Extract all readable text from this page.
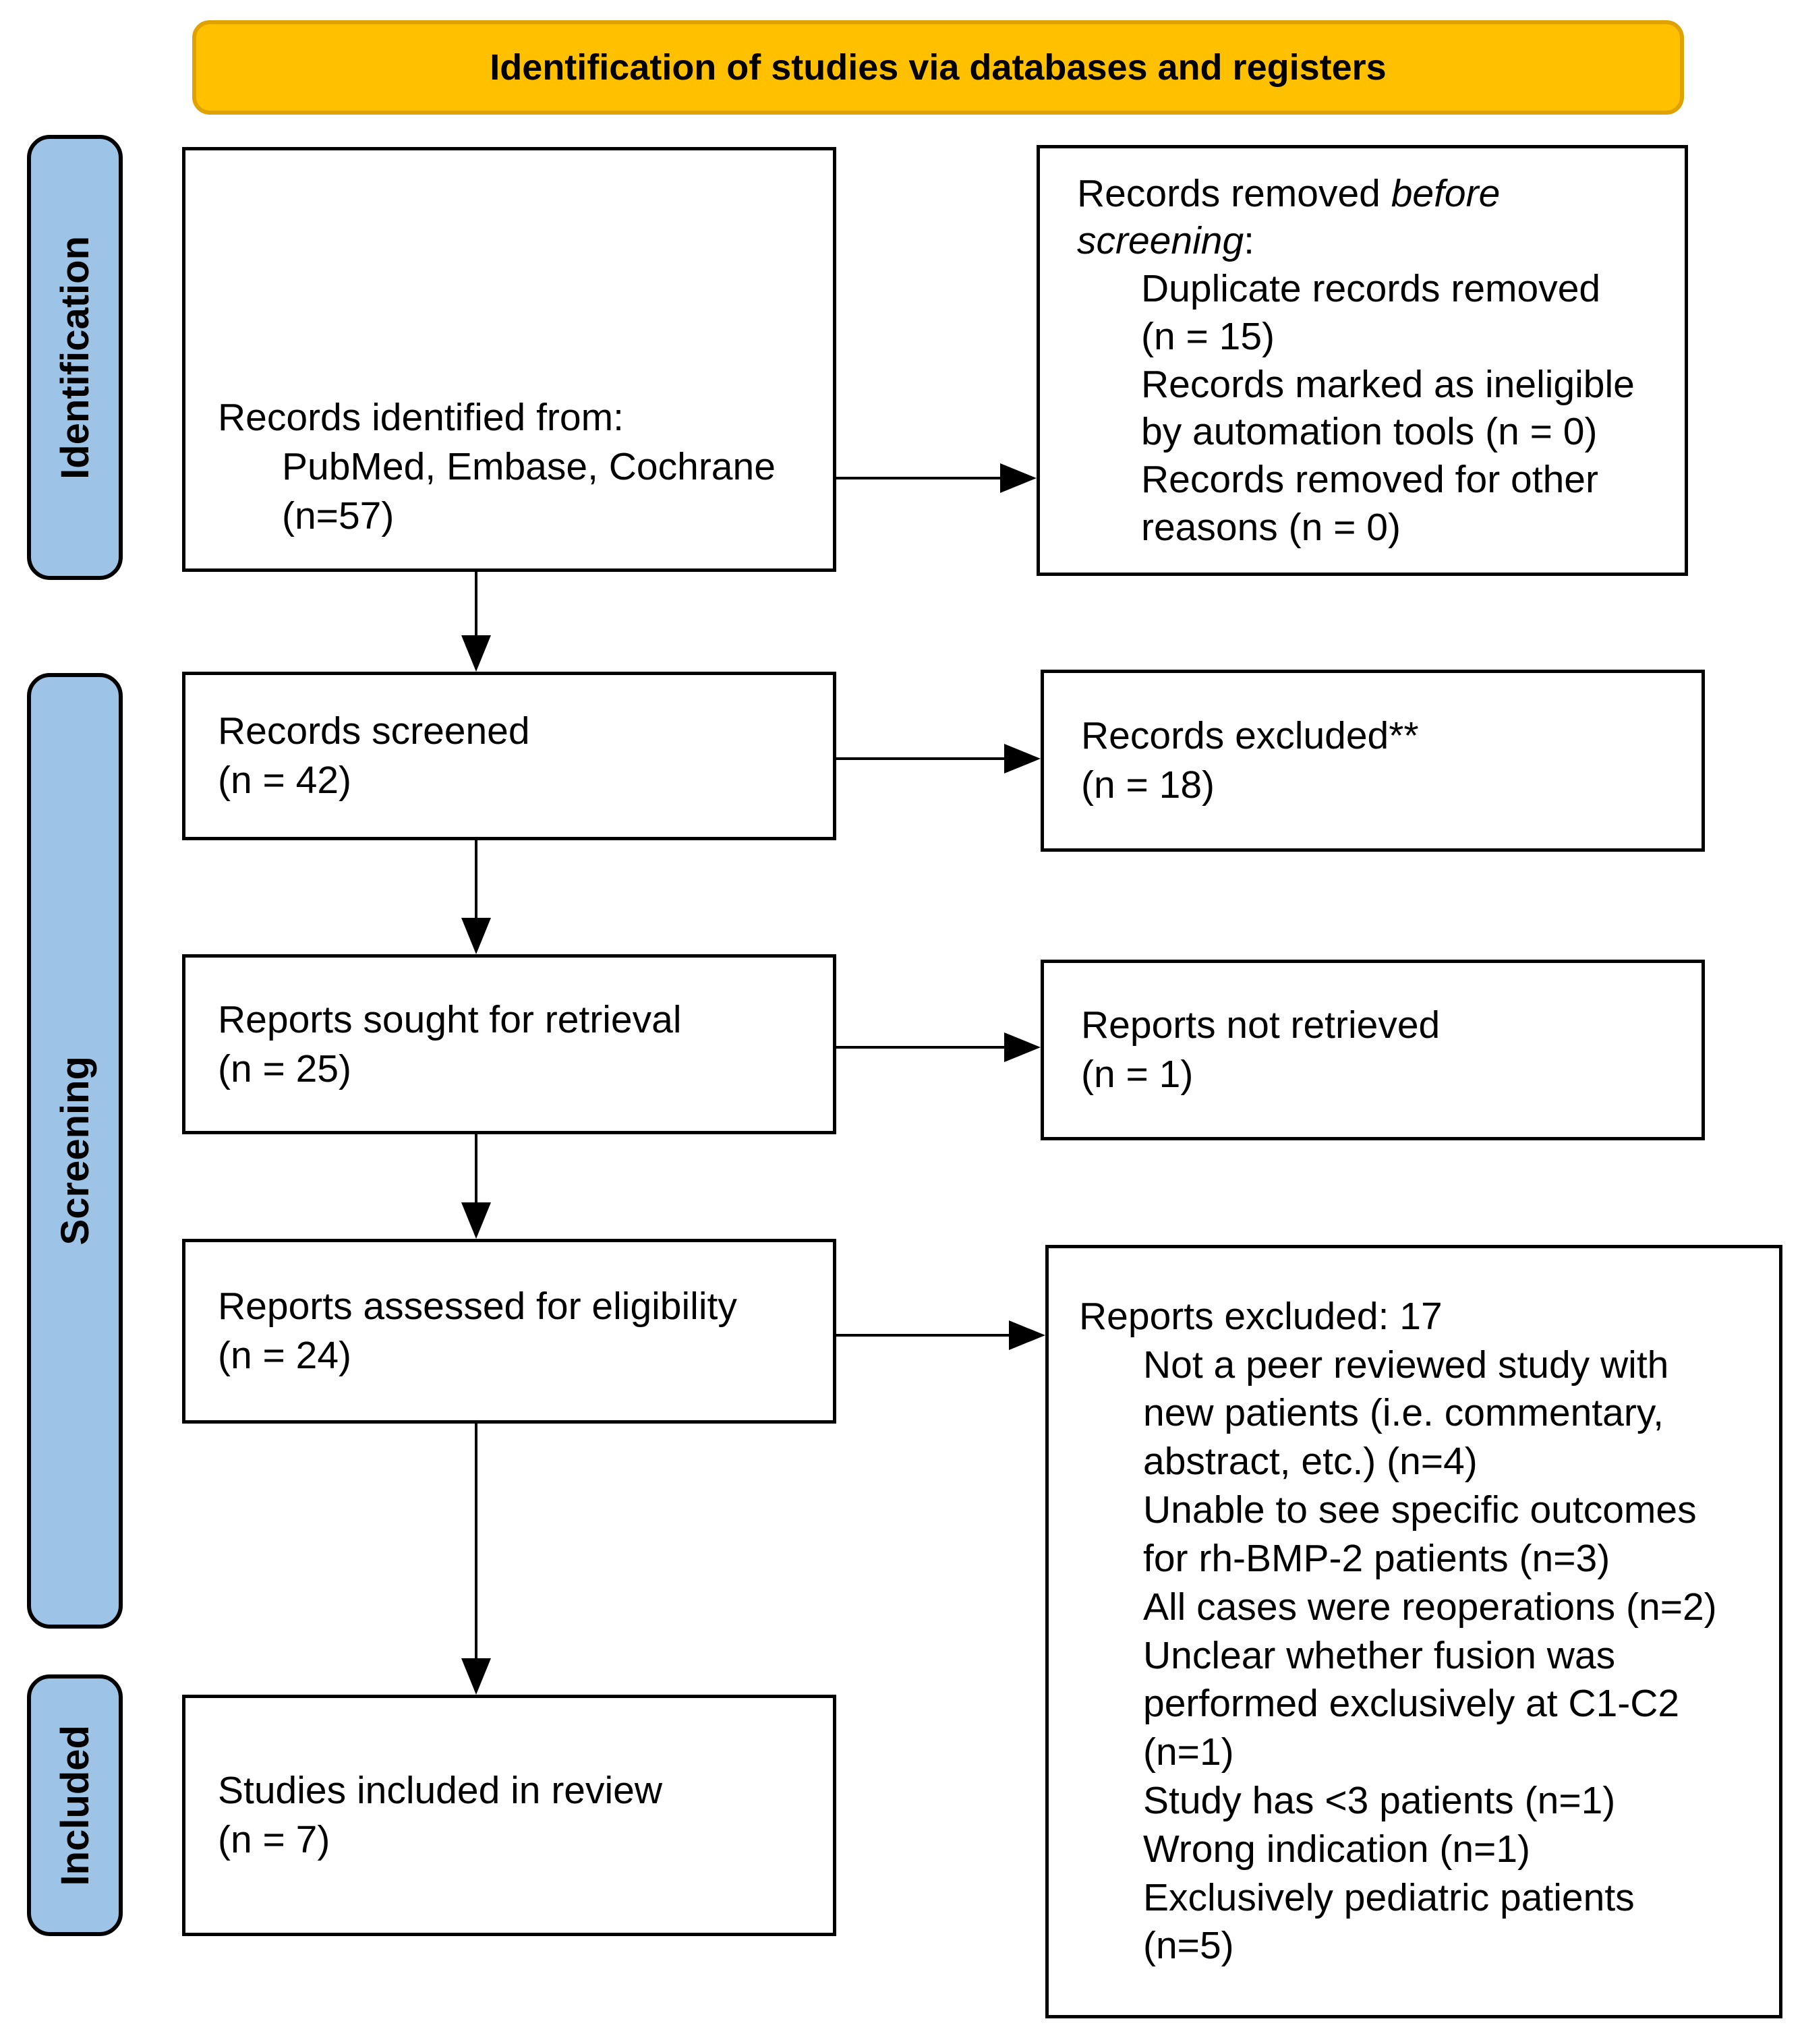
Identification of studies via databases and registers
Identification
Screening
Included
Records identified from:
PubMed, Embase, Cochrane
(n=57)
Records screened
(n = 42)
Reports sought for retrieval
(n = 25)
Reports assessed for eligibility
(n = 24)
Studies included in review
(n = 7)
Records removed before
screening:
Duplicate records removed
(n = 15)
Records marked as ineligible
by automation tools (n = 0)
Records removed for other
reasons (n = 0)
Records excluded**
(n = 18)
Reports not retrieved
(n = 1)
Reports excluded: 17
Not a peer reviewed study with
new patients (i.e. commentary,
abstract, etc.) (n=4)
Unable to see specific outcomes
for rh-BMP-2 patients (n=3)
All cases were reoperations (n=2)
Unclear whether fusion was
performed exclusively at C1-C2
(n=1)
Study has <3 patients (n=1)
Wrong indication (n=1)
Exclusively pediatric patients
(n=5)
